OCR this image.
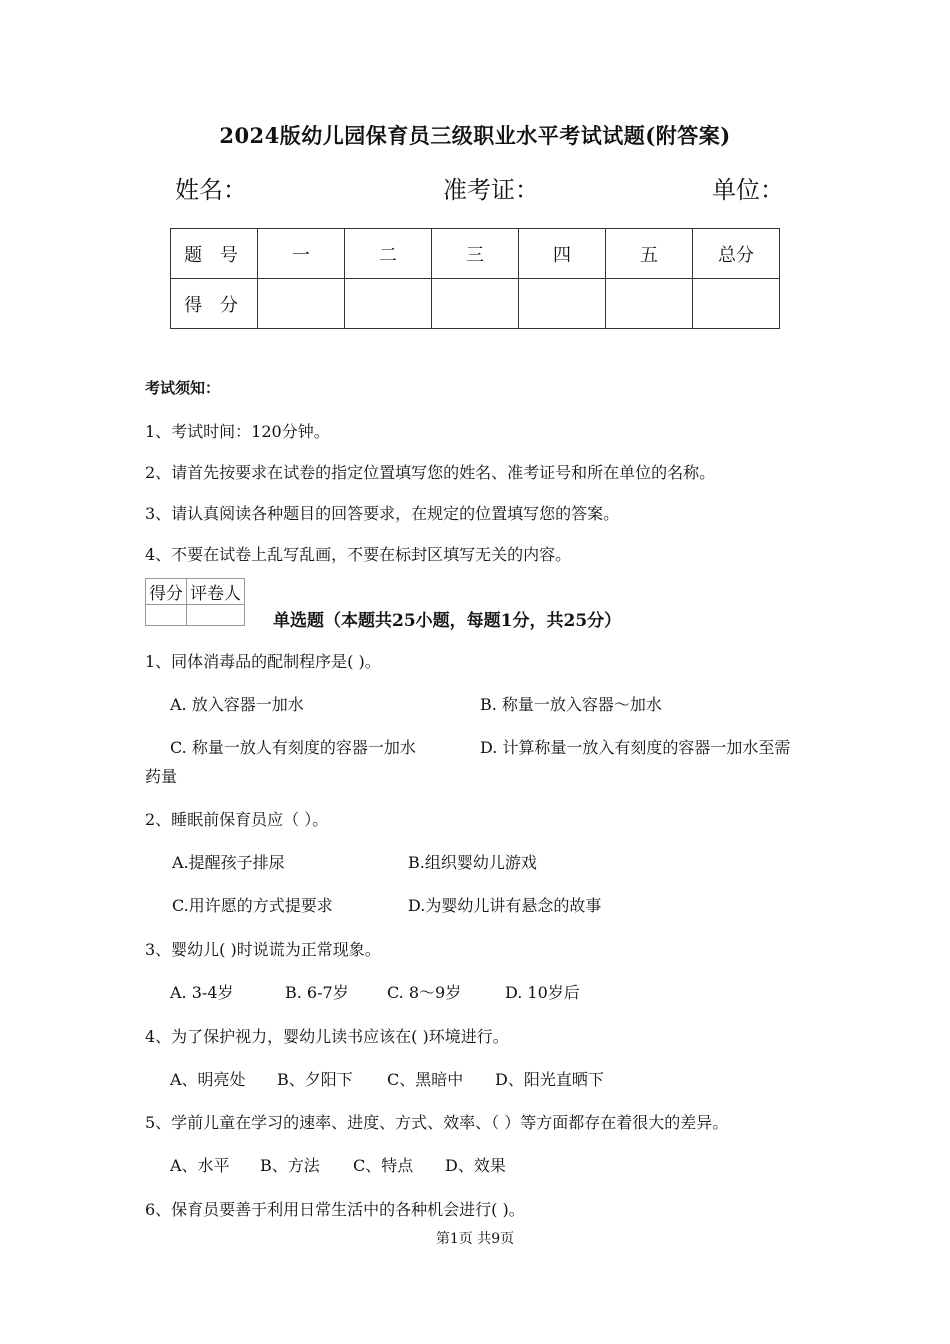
2024版幼儿园保育员三级职业水平考试试题(附答案)
姓名：	准考证：	单位：
题 号	一	二	三	四	五	总分
得 分						
考试须知：
1、考试时间：120分钟。
2、请首先按要求在试卷的指定位置填写您的姓名、准考证号和所在单位的名称。
3、请认真阅读各种题目的回答要求，在规定的位置填写您的答案。
4、不要在试卷上乱写乱画，不要在标封区填写无关的内容。
得分	评卷人

单选题（本题共25小题，每题1分，共25分）
1、同体消毒品的配制程序是( )。
A. 放入容器一加水	B. 称量一放入容器～加水
C. 称量一放人有刻度的容器一加水	D. 计算称量一放入有刻度的容器一加水至需
药量
2、睡眠前保育员应（ ）。
A.提醒孩子排尿	B.组织婴幼儿游戏
C.用许愿的方式提要求	D.为婴幼儿讲有悬念的故事
3、婴幼儿( )时说谎为正常现象。
A. 3-4岁	B. 6-7岁 C. 8～9岁	D. 10岁后
4、为了保护视力，婴幼儿读书应该在( )环境进行。
A、明亮处 B、夕阳下 C、黑暗中 D、阳光直晒下
5、学前儿童在学习的速率、进度、方式、效率、（ ）等方面都存在着很大的差异。
A、水平 B、方法 C、特点 D、效果
6、保育员要善于利用日常生活中的各种机会进行( )。
第1页 共9页
